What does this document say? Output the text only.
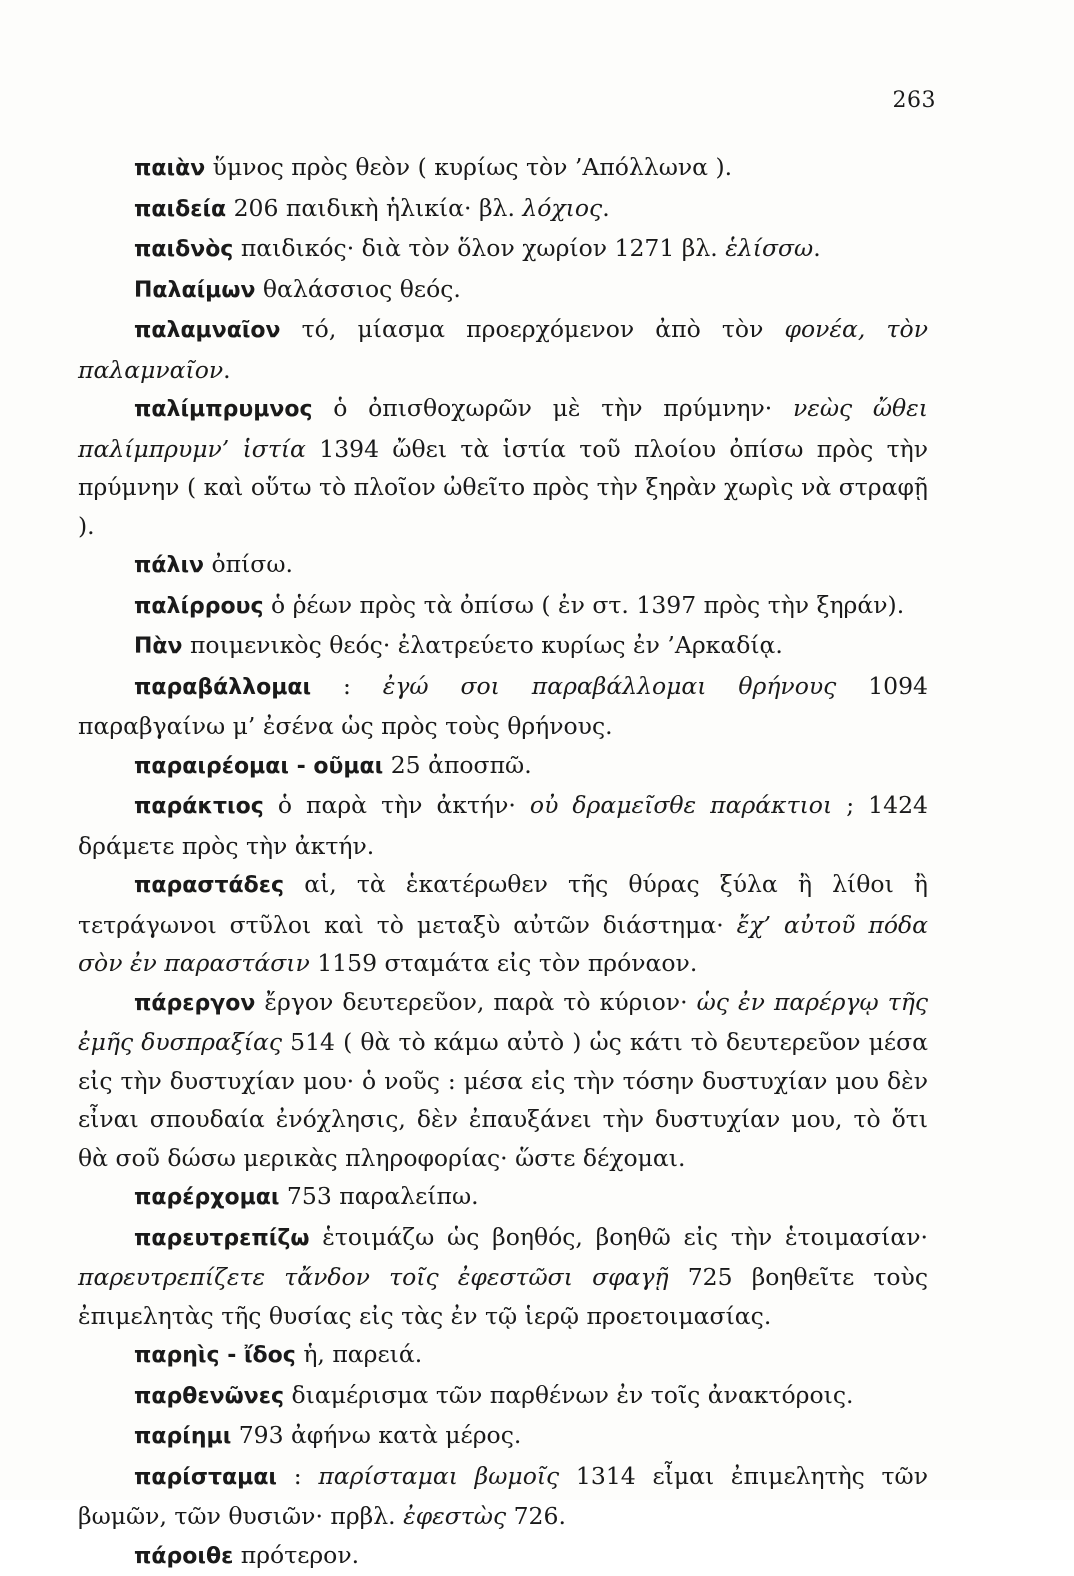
263

παιὰν ὕμνος πρὸς θεὸν ( κυρίως τὸν ’Απόλλωνα ).

παιδεία 206 παιδικὴ ἡλικία· βλ. λόχιος.

παιδνὸς παιδικός· διὰ τὸν ὅλον χωρίον 1271 βλ. ἑλίσσω.

Παλαίμων θαλάσσιος θεός.

παλαμναῖον τό, μίασμα προερχόμενον ἀπὸ τὸν φονέα, τὸν παλαμναῖον.

παλίμπρυμνος ὁ ὀπισθοχωρῶν μὲ τὴν πρύμνην· νεὼς ὤθει παλίμπρυμν’ ἱστία 1394 ὤθει τὰ ἱστία τοῦ πλοίου ὀπίσω πρὸς τὴν πρύμνην ( καὶ οὕτω τὸ πλοῖον ὠθεῖτο πρὸς τὴν ξηρὰν χωρὶς νὰ στραφῇ ).

πάλιν ὀπίσω.

παλίρρους ὁ ῥέων πρὸς τὰ ὀπίσω ( ἐν στ. 1397 πρὸς τὴν ξηράν).

Πὰν ποιμενικὸς θεός· ἐλατρεύετο κυρίως ἐν ’Αρκαδίᾳ.

παραβάλλομαι : ἐγώ σοι παραβάλλομαι θρήνους 1094 παραβγαίνω μ’ ἐσένα ὡς πρὸς τοὺς θρήνους.

παραιρέομαι - οῦμαι 25 ἀποσπῶ.

παράκτιος ὁ παρὰ τὴν ἀκτήν· οὐ δραμεῖσθε παράκτιοι ; 1424 δράμετε πρὸς τὴν ἀκτήν.

παραστάδες αἱ, τὰ ἑκατέρωθεν τῆς θύρας ξύλα ἢ λίθοι ἢ τετράγωνοι στῦλοι καὶ τὸ μεταξὺ αὐτῶν διάστημα· ἔχ’ αὐτοῦ πόδα σὸν ἐν παραστάσιν 1159 σταμάτα εἰς τὸν πρόναον.

πάρεργον ἔργον δευτερεῦον, παρὰ τὸ κύριον· ὡς ἐν παρέργῳ τῆς ἐμῆς δυσπραξίας 514 ( θὰ τὸ κάμω αὐτὸ ) ὡς κάτι τὸ δευτερεῦον μέσα εἰς τὴν δυστυχίαν μου· ὁ νοῦς : μέσα εἰς τὴν τόσην δυστυχίαν μου δὲν εἶναι σπουδαία ἐνόχλησις, δὲν ἐπαυξάνει τὴν δυστυχίαν μου, τὸ ὅτι θὰ σοῦ δώσω μερικὰς πληροφορίας· ὥστε δέχομαι.

παρέρχομαι 753 παραλείπω.

παρευτρεπίζω ἑτοιμάζω ὡς βοηθός, βοηθῶ εἰς τὴν ἑτοιμασίαν· παρευτρεπίζετε τἄνδον τοῖς ἐφεστῶσι σφαγῇ 725 βοηθεῖτε τοὺς ἐπιμελητὰς τῆς θυσίας εἰς τὰς ἐν τῷ ἱερῷ προετοιμασίας.

παρηὶς - ἴδος ἡ, παρειά.

παρθενῶνες διαμέρισμα τῶν παρθένων ἐν τοῖς ἀνακτόροις.

παρίημι 793 ἀφήνω κατὰ μέρος.

παρίσταμαι : παρίσταμαι βωμοῖς 1314 εἶμαι ἐπιμελητὴς τῶν βωμῶν, τῶν θυσιῶν· πρβλ. ἐφεστὼς 726.

πάροιθε πρότερον.
